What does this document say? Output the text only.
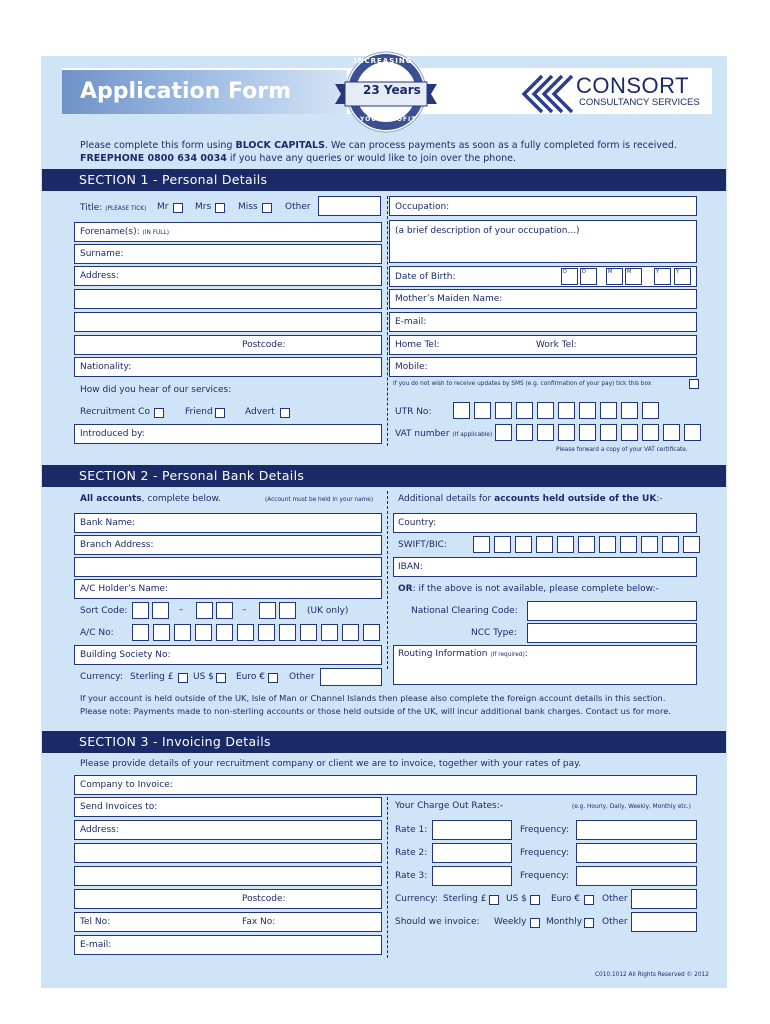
Application Form
INCREASING
23 Years
YOUR PROFIT
CONSORT
CONSULTANCY SERVICES
Please complete this form using BLOCK CAPITALS. We can process payments as soon as a fully completed form is received.
FREEPHONE 0800 634 0034 if you have any queries or would like to join over the phone.
SECTION 1 - Personal Details
Title: (PLEASE TICK) Mr	Mrs	Miss	Other
Forename(s): (IN FULL)
Surname:
Address:
Postcode:
Nationality:
How did you hear of our services:
Recruitment Co	Friend	Advert
Introduced by:
Occupation:
(a brief description of your occupation...)
Date of Birth:	D	D	M	M	Y	Y
Mother’s Maiden Name:
E-mail:
Home Tel:	Work Tel:
Mobile:
If you do not wish to receive updates by SMS (e.g. confirmation of your pay) tick this box
UTR No:
VAT number (If applicable)
Please forward a copy of your VAT certificate.
SECTION 2 - Personal Bank Details
All accounts, complete below.	(Account must be held in your name)
Bank Name:
Branch Address:
A/C Holder’s Name:
Sort Code:	–	–	(UK only)
A/C No:
Building Society No:
Currency: Sterling £ US $ Euro €	Other
Additional details for accounts held outside of the UK:-
Country:
SWIFT/BIC:
IBAN:
OR: if the above is not available, please complete below:-
National Clearing Code:
NCC Type:
Routing Information (If required):
If your account is held outside of the UK, Isle of Man or Channel Islands then please also complete the foreign account details in this section.
Please note: Payments made to non-sterling accounts or those held outside of the UK, will incur additional bank charges. Contact us for more.
SECTION 3 - Invoicing Details
Please provide details of your recruitment company or client we are to invoice, together with your rates of pay.
Company to Invoice:
Send Invoices to:
Address:
Postcode:
Tel No:	Fax No:
E-mail:
Your Charge Out Rates:-	(e.g. Hourly, Daily, Weekly, Monthly etc.)
Rate 1:	Frequency:
Rate 2:	Frequency:
Rate 3:	Frequency:
Currency: Sterling £ US $	Euro € Other
Should we invoice: Weekly Monthly Other
C010.1012 All Rights Reserved © 2012
